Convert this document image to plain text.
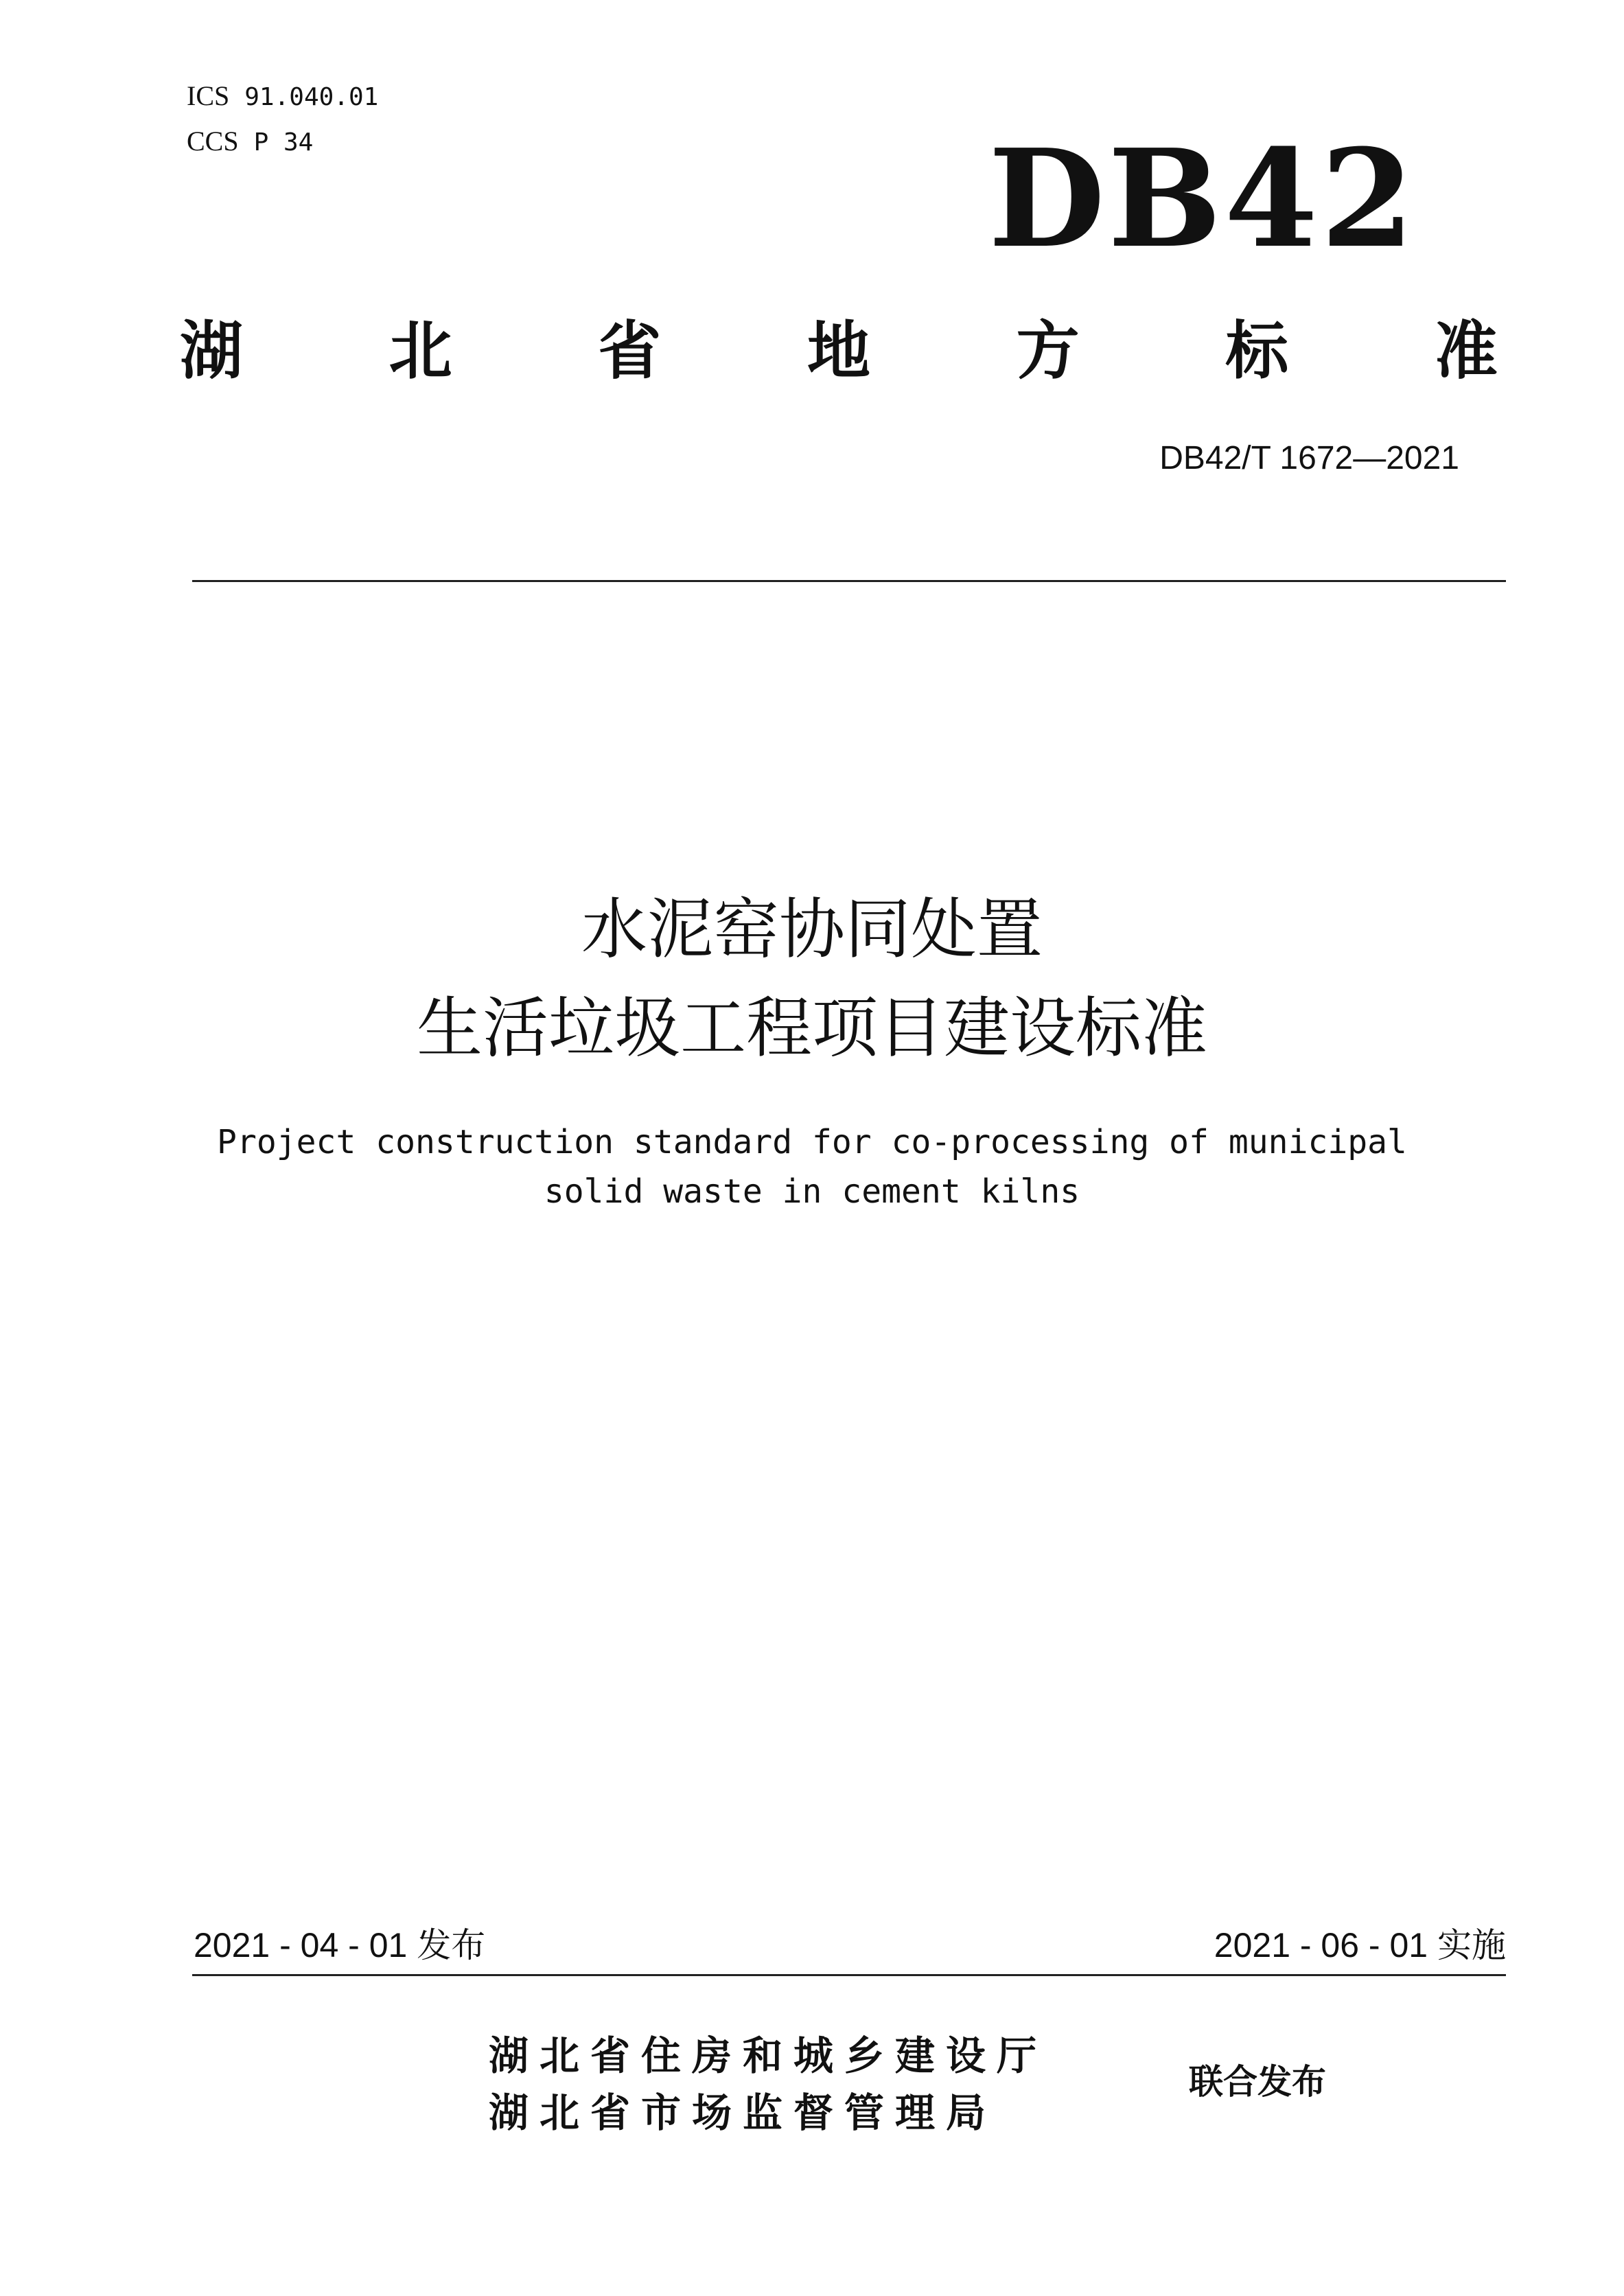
ICS 91.040.01
CCS P 34	DB42
湖 北 省 地 方 标 准
DB42/T 1672—2021
水泥窑协同处置
生活垃圾工程项目建设标准
Project construction standard for co-processing of municipal
solid waste in cement kilns
2021 - 04 - 01 发布	2021 - 06 - 01 实施
湖北省住房和城乡建设厅
湖北省市场监督管理局
联合发布
